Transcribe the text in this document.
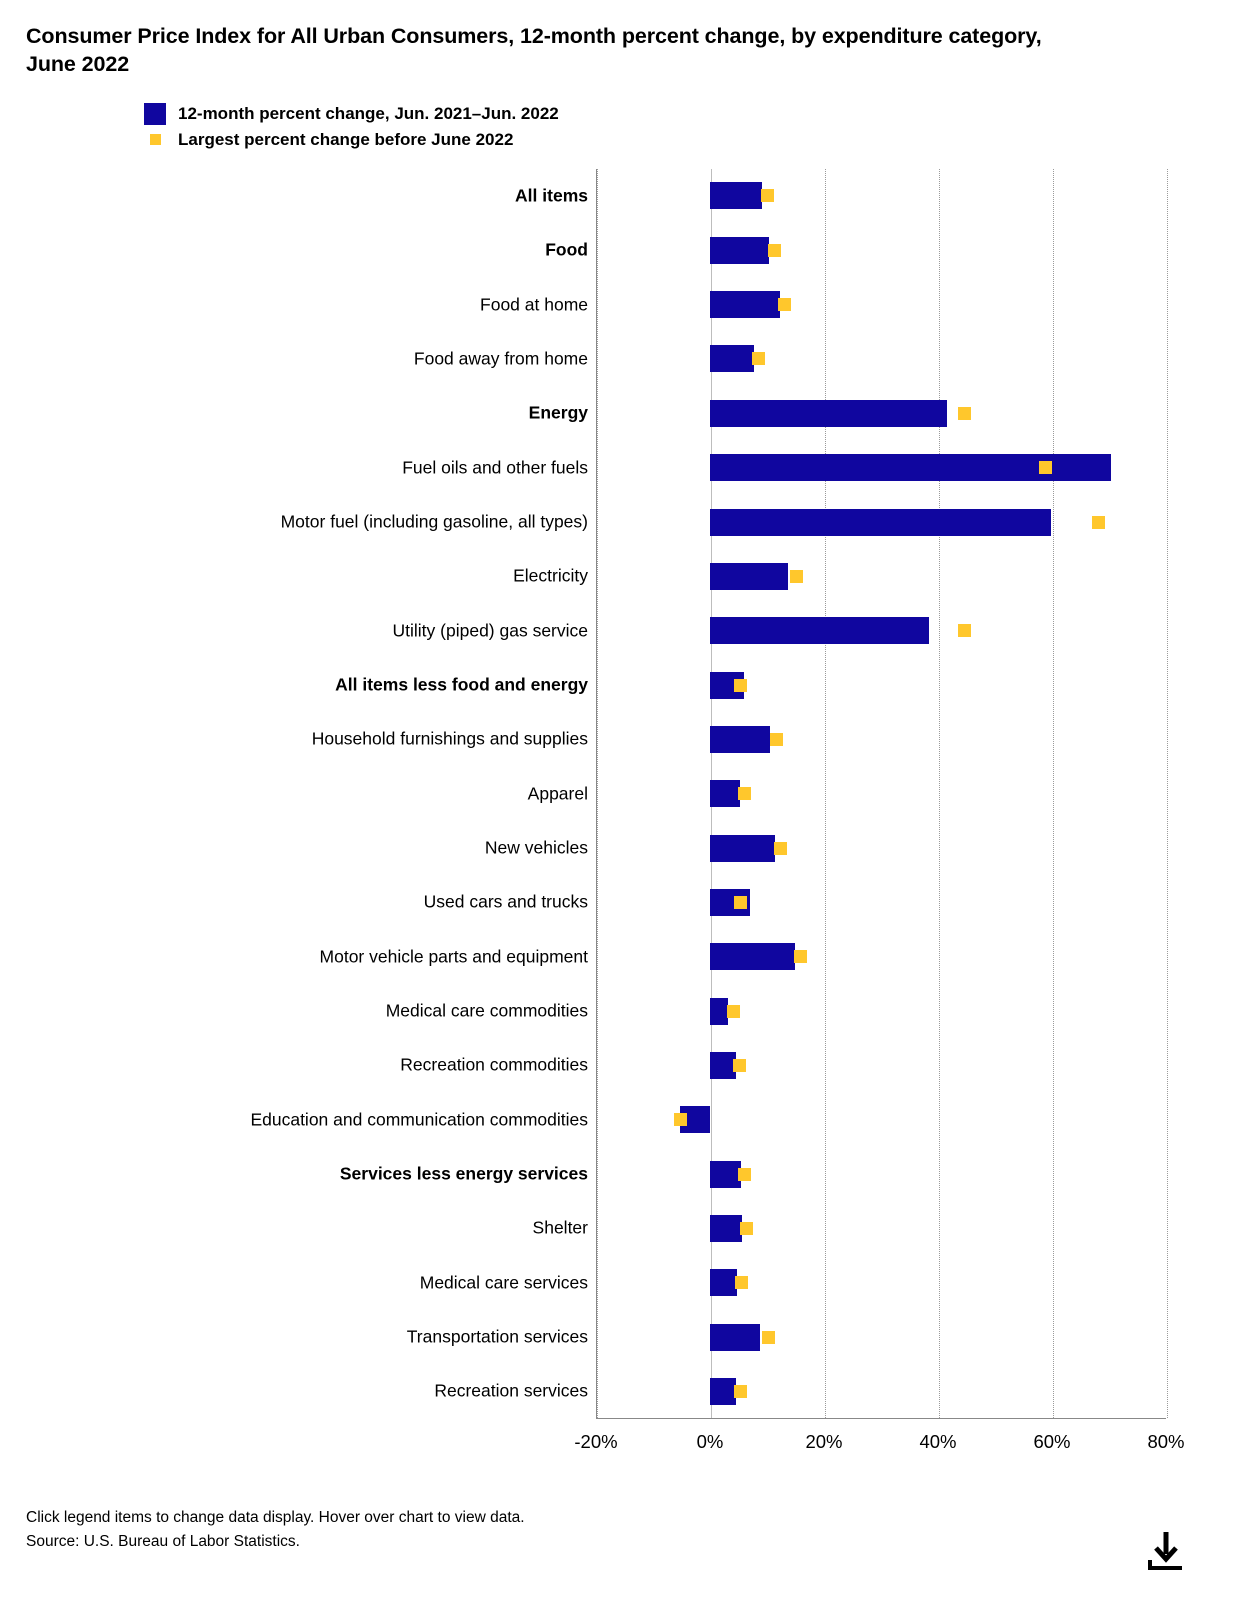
Consumer Price Index for All Urban Consumers, 12-month percent change, by expenditure category, June 2022
12-month percent change, Jun. 2021–Jun. 2022
Largest percent change before June 2022
All items
Food
Food at home
Food away from home
Energy
Fuel oils and other fuels
Motor fuel (including gasoline, all types)
Electricity
Utility (piped) gas service
All items less food and energy
Household furnishings and supplies
Apparel
New vehicles
Used cars and trucks
Motor vehicle parts and equipment
Medical care commodities
Recreation commodities
Education and communication commodities
Services less energy services
Shelter
Medical care services
Transportation services
Recreation services
-20%	0%	20%	40%	60%	80%
Click legend items to change data display. Hover over chart to view data.
Source: U.S. Bureau of Labor Statistics.
